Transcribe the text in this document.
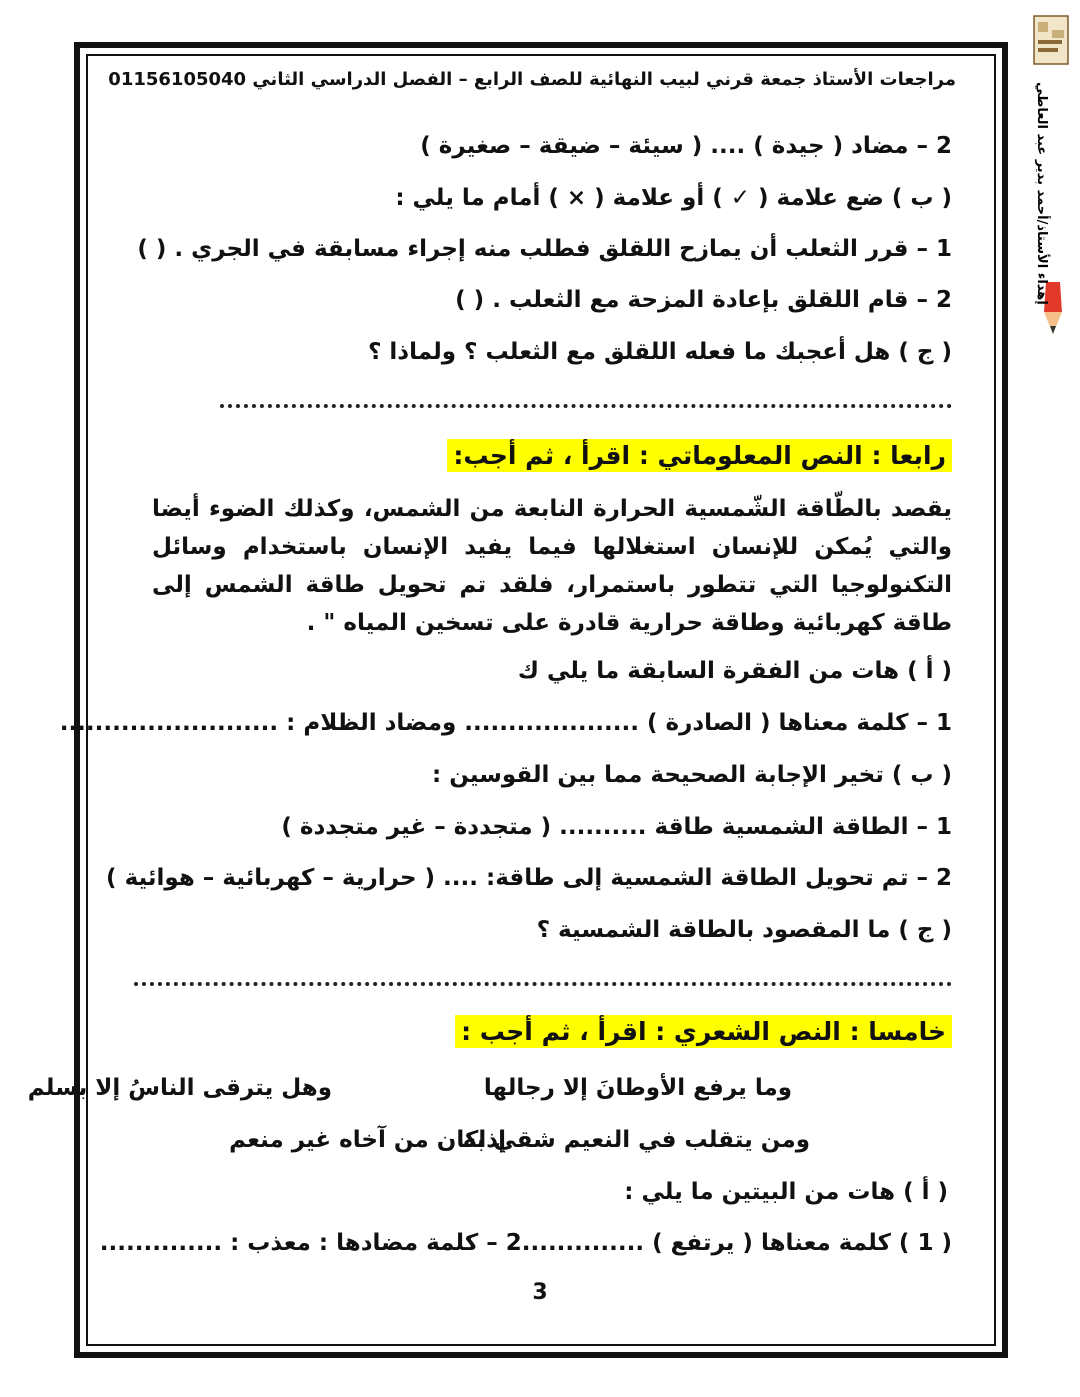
إهداء الأستاذ/أحمد بدير عبد العاطي
مراجعات الأستاذ جمعة قرني لبيب النهائية للصف الرابع – الفصل الدراسي الثاني 01156105040
2 – مضاد ( جيدة ) .... ( سيئة – ضيقة – صغيرة )
( ب ) ضع علامة ( ✓ ) أو علامة ( × ) أمام ما يلي :
1 – قرر الثعلب أن يمازح اللقلق فطلب منه إجراء مسابقة في الجري . ( )
2 – قام اللقلق بإعادة المزحة مع الثعلب . ( )
( ج ) هل أعجبك ما فعله اللقلق مع الثعلب ؟ ولماذا ؟
رابعا : النص المعلوماتي : اقرأ ، ثم أجب:
يقصد بالطّاقة الشّمسية الحرارة النابعة من الشمس، وكذلك الضوء أيضا والتي يُمكن للإنسان استغلالها فيما يفيد الإنسان باستخدام وسائل التكنولوجيا التي تتطور باستمرار، فلقد تم تحويل طاقة الشمس إلى طاقة كهربائية وطاقة حرارية قادرة على تسخين المياه " .
( أ ) هات من الفقرة السابقة ما يلي ك
1 – كلمة معناها ( الصادرة ) .................... ومضاد الظلام : .........................
( ب ) تخير الإجابة الصحيحة مما بين القوسين :
1 – الطاقة الشمسية طاقة .......... ( متجددة – غير متجددة )
2 – تم تحويل الطاقة الشمسية إلى طاقة: .... ( حرارية – كهربائية – هوائية )
( ج ) ما المقصود بالطاقة الشمسية ؟
خامسا : النص الشعري : اقرأ ، ثم أجب :
وما يرفع الأوطانَ إلا رجالها
وهل يترقى الناسُ إلا بسلم
ومن يتقلب في النعيم شقي به
إذاكان من آخاه غير منعم
( أ ) هات من البيتين ما يلي :
( 1 ) كلمة معناها ( يرتفع ) ..............2 – كلمة مضادها : معذب : ..............
3
